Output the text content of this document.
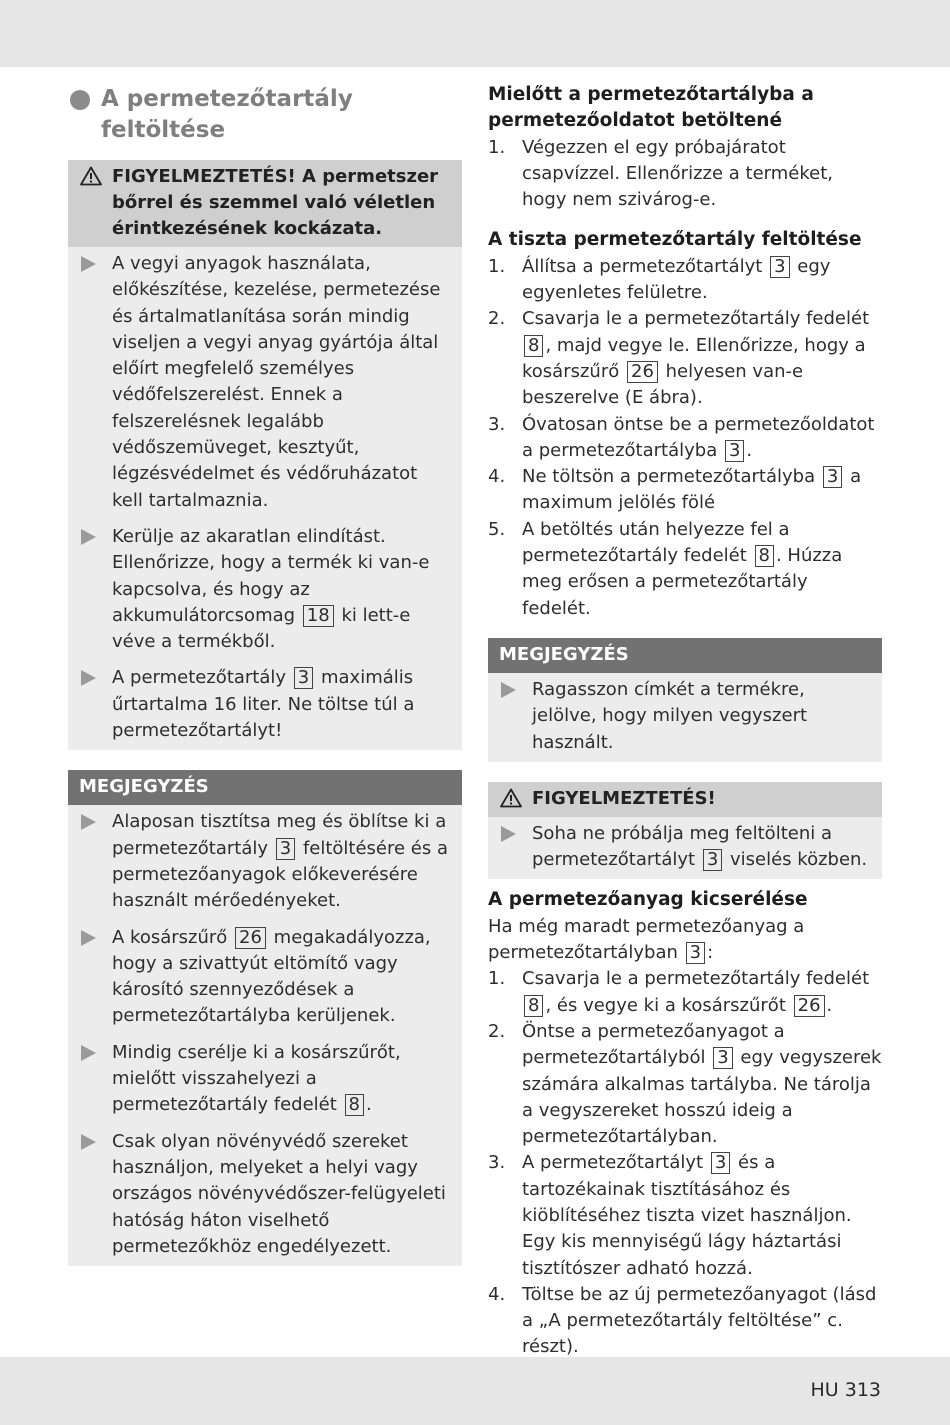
A permetezőtartály feltöltése
FIGYELMEZTETÉS! A permetszer bőrrel és szemmel való véletlen érintkezésének kockázata.

A vegyi anyagok használata, előkészítése, kezelése, permetezése és ártalmatlanítása során mindig viseljen a vegyi anyag gyártója által előírt megfelelő személyes védőfelszerelést. Ennek a felszerelésnek legalább védőszemüveget, kesztyűt, légzésvédelmet és védőruházatot kell tartalmaznia.

Kerülje az akaratlan elindítást. Ellenőrizze, hogy a termék ki van-e kapcsolva, és hogy az akkumulátorcsomag 18 ki lett-e véve a termékből.

A permetezőtartály 3 maximális űrtartalma 16 liter. Ne töltse túl a permetezőtartályt!

MEGJEGYZÉS

Alaposan tisztítsa meg és öblítse ki a permetezőtartály 3 feltöltésére és a permetezőanyagok előkeverésére használt mérőedényeket.

A kosárszűrő 26 megakadályozza, hogy a szivattyút eltömítő vagy károsító szennyeződések a permetezőtartályba kerüljenek.

Mindig cserélje ki a kosárszűrőt, mielőtt visszahelyezi a permetezőtartály fedelét 8 .

Csak olyan növényvédő szereket használjon, melyeket a helyi vagy országos növényvédőszer-felügyeleti hatóság háton viselhető permetezőkhöz engedélyezett.

Mielőtt a permetezőtartályba a permetezőoldatot betöltené

1. Végezzen el egy próbajáratot csapvízzel. Ellenőrizze a terméket, hogy nem szivárog-e.

A tiszta permetezőtartály feltöltése

1. Állítsa a permetezőtartályt 3 egy egyenletes felületre.
2. Csavarja le a permetezőtartály fedelét 8 , majd vegye le. Ellenőrizze, hogy a kosárszűrő 26 helyesen van-e beszerelve (E ábra).
3. Óvatosan öntse be a permetezőoldatot a permetezőtartályba 3 .
4. Ne töltsön a permetezőtartályba 3 a maximum jelölés fölé
5. A betöltés után helyezze fel a permetezőtartály fedelét 8 . Húzza meg erősen a permetezőtartály fedelét.
MEGJEGYZÉS

Ragasszon címkét a termékre, jelölve, hogy milyen vegyszert használt.

FIGYELMEZTETÉS!

Soha ne próbálja meg feltölteni a permetezőtartályt 3 viselés közben.

A permetezőanyag kicserélése

Ha még maradt permetezőanyag a permetezőtartályban 3 :

1. Csavarja le a permetezőtartály fedelét 8 , és vegye ki a kosárszűrőt 26 .
2. Öntse a permetezőanyagot a permetezőtartályból 3 egy vegyszerek számára alkalmas tartályba. Ne tárolja a vegyszereket hosszú ideig a permetezőtartályban.
3. A permetezőtartályt 3 és a tartozékainak tisztításához és kiöblítéséhez tiszta vizet használjon. Egy kis mennyiségű lágy háztartási tisztítószer adható hozzá.
4. Töltse be az új permetezőanyagot (lásd a „A permetezőtartály feltöltése” c. részt).
HU 313
